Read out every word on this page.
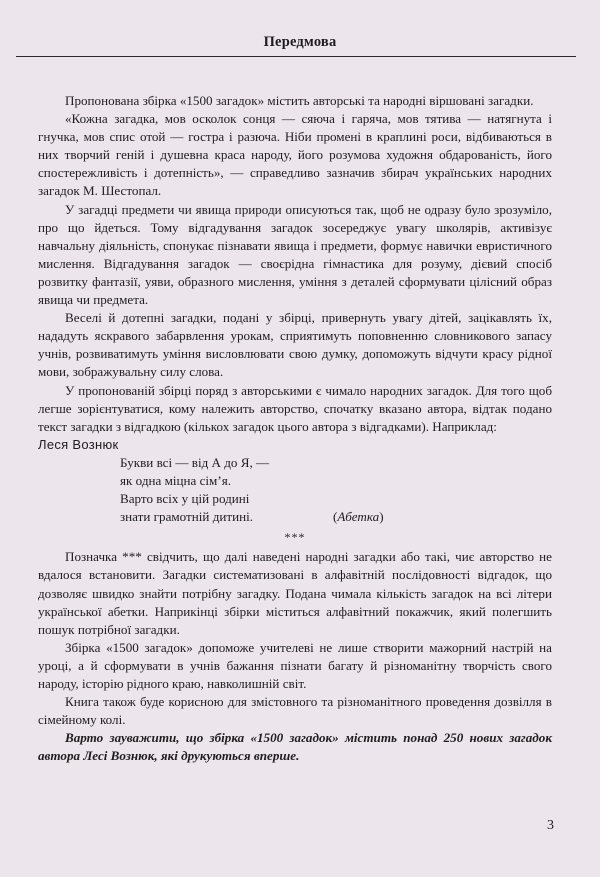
Передмова

Пропонована збірка «1500 загадок» містить авторські та народні віршовані загадки.

«Кожна загадка, мов осколок сонця — сяюча і гаряча, мов тятива — натягнута і гнучка, мов спис отой — гостра і разюча. Ніби промені в краплині роси, відбиваються в них творчий геній і душевна краса народу, його розумова художня обдарованість, його спостережливість і дотепність», — справедливо зазначив збирач українських народних загадок М. Шестопал.

У загадці предмети чи явища природи описуються так, щоб не одразу було зрозуміло, про що йдеться. Тому відгадування загадок зосереджує увагу школярів, активізує навчальну діяльність, спонукає пізнавати явища і предмети, формує навички евристичного мислення. Відгадування загадок — своєрідна гімнастика для розуму, дієвий спосіб розвитку фантазії, уяви, образного мислення, уміння з деталей сформувати цілісний образ явища чи предмета.

Веселі й дотепні загадки, подані у збірці, привернуть увагу дітей, зацікавлять їх, нададуть яскравого забарвлення урокам, сприятимуть поповненню словникового запасу учнів, розвиватимуть уміння висловлювати свою думку, допоможуть відчути красу рідної мови, зображувальну силу слова.

У пропонованій збірці поряд з авторськими є чимало народних загадок. Для того щоб легше зорієнтуватися, кому належить авторство, спочатку вказано автора, відтак подано текст загадки з відгадкою (кількох загадок цього автора з відгадками). Наприклад:

Леся Вознюк

Букви всі — від А до Я, —
як одна міцна сім’я.
Варто всіх у цій родині
знати грамотній дитині.	(Абетка)
***

Позначка *** свідчить, що далі наведені народні загадки або такі, чиє авторство не вдалося встановити. Загадки систематизовані в алфавітній послідовності відгадок, що дозволяє швидко знайти потрібну загадку. Подана чимала кількість загадок на всі літери української абетки. Наприкінці збірки міститься алфавітний покажчик, який полегшить пошук потрібної загадки.

Збірка «1500 загадок» допоможе учителеві не лише створити мажорний настрій на уроці, а й сформувати в учнів бажання пізнати багату й різноманітну творчість свого народу, історію рідного краю, навколишній світ.

Книга також буде корисною для змістовного та різноманітного проведення дозвілля в сімейному колі.

Варто зауважити, що збірка «1500 загадок» містить понад 250 нових загадок автора Лесі Вознюк, які друкуються вперше.

3
